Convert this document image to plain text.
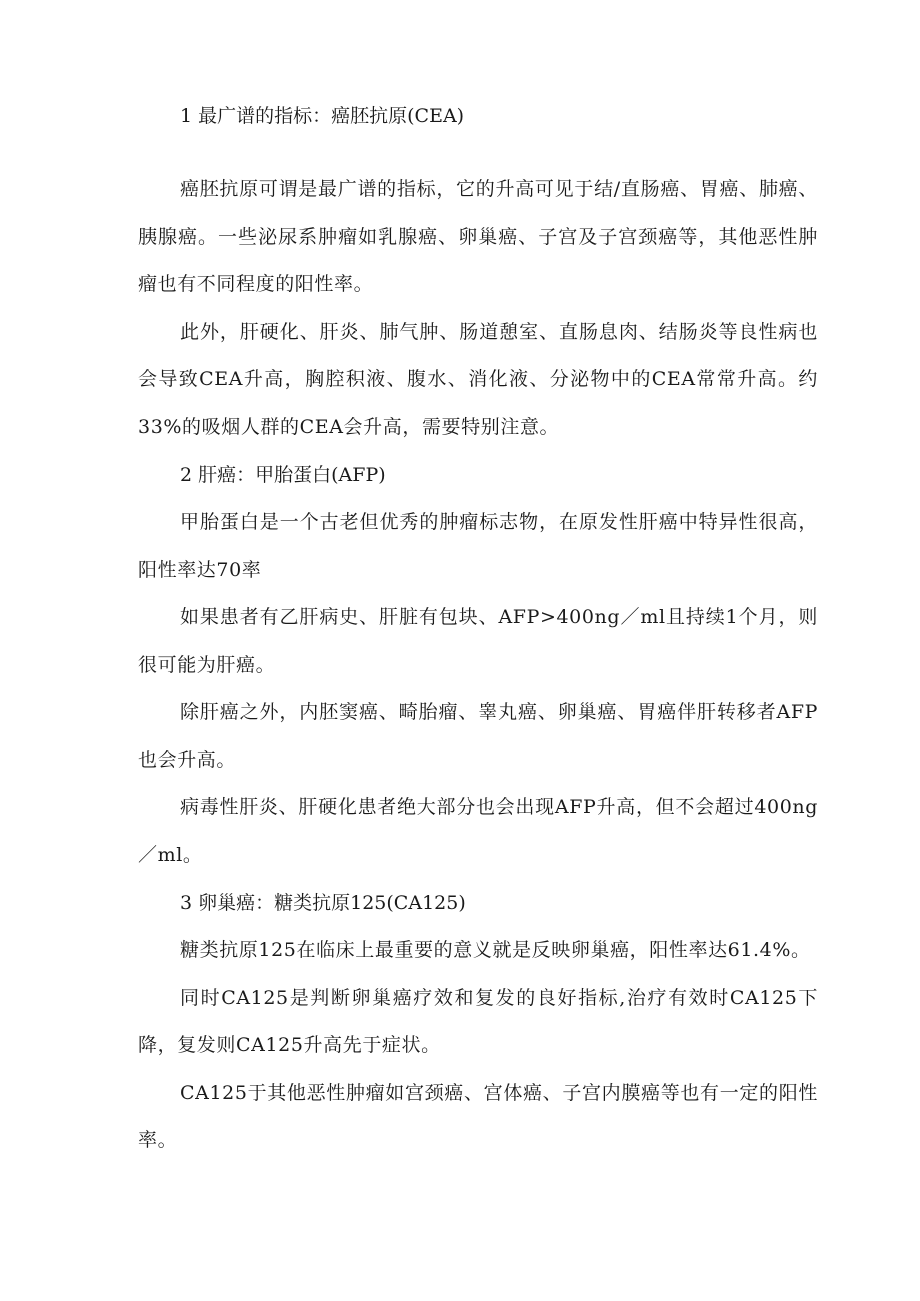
1 最广谱的指标：癌胚抗原(CEA)

癌胚抗原可谓是最广谱的指标，它的升高可见于结/直肠癌、胃癌、肺癌、胰腺癌。一些泌尿系肿瘤如乳腺癌、卵巢癌、子宫及子宫颈癌等，其他恶性肿瘤也有不同程度的阳性率。

此外，肝硬化、肝炎、肺气肿、肠道憩室、直肠息肉、结肠炎等良性病也会导致CEA升高，胸腔积液、腹水、消化液、分泌物中的CEA常常升高。约33%的吸烟人群的CEA会升高，需要特别注意。

2 肝癌：甲胎蛋白(AFP)

甲胎蛋白是一个古老但优秀的肿瘤标志物，在原发性肝癌中特异性很高，阳性率达70率

如果患者有乙肝病史、肝脏有包块、AFP>400ng／ml且持续1个月，则很可能为肝癌。

除肝癌之外，内胚窦癌、畸胎瘤、睾丸癌、卵巢癌、胃癌伴肝转移者AFP也会升高。

病毒性肝炎、肝硬化患者绝大部分也会出现AFP升高，但不会超过400ng／ml。

3 卵巢癌：糖类抗原125(CA125)

糖类抗原125在临床上最重要的意义就是反映卵巢癌，阳性率达61.4%。

同时CA125是判断卵巢癌疗效和复发的良好指标,治疗有效时CA125下降，复发则CA125升高先于症状。

CA125于其他恶性肿瘤如宫颈癌、宫体癌、子宫内膜癌等也有一定的阳性率。
